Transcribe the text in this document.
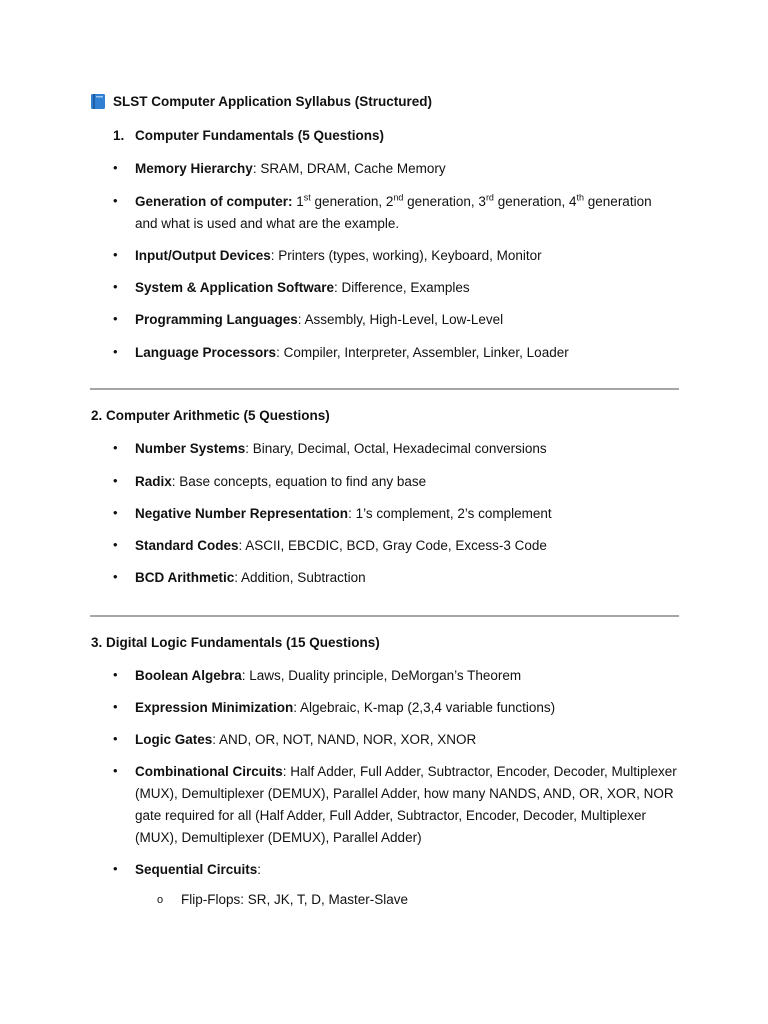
SLST Computer Application Syllabus (Structured)
1. Computer Fundamentals (5 Questions)
•	Memory Hierarchy: SRAM, DRAM, Cache Memory
•	Generation of computer: 1st generation, 2nd generation, 3rd generation, 4th generation and what is used and what are the example.
•	Input/Output Devices: Printers (types, working), Keyboard, Monitor
•	System & Application Software: Difference, Examples
•	Programming Languages: Assembly, High-Level, Low-Level
•	Language Processors: Compiler, Interpreter, Assembler, Linker, Loader
2. Computer Arithmetic (5 Questions)
•	Number Systems: Binary, Decimal, Octal, Hexadecimal conversions
•	Radix: Base concepts, equation to find any base
•	Negative Number Representation: 1’s complement, 2’s complement
•	Standard Codes: ASCII, EBCDIC, BCD, Gray Code, Excess-3 Code
•	BCD Arithmetic: Addition, Subtraction
3. Digital Logic Fundamentals (15 Questions)
•	Boolean Algebra: Laws, Duality principle, DeMorgan’s Theorem
•	Expression Minimization: Algebraic, K-map (2,3,4 variable functions)
•	Logic Gates: AND, OR, NOT, NAND, NOR, XOR, XNOR
•	Combinational Circuits: Half Adder, Full Adder, Subtractor, Encoder, Decoder, Multiplexer (MUX), Demultiplexer (DEMUX), Parallel Adder, how many NANDS, AND, OR, XOR, NOR gate required for all (Half Adder, Full Adder, Subtractor, Encoder, Decoder, Multiplexer (MUX), Demultiplexer (DEMUX), Parallel Adder)
•	Sequential Circuits:
o Flip-Flops: SR, JK, T, D, Master-Slave
